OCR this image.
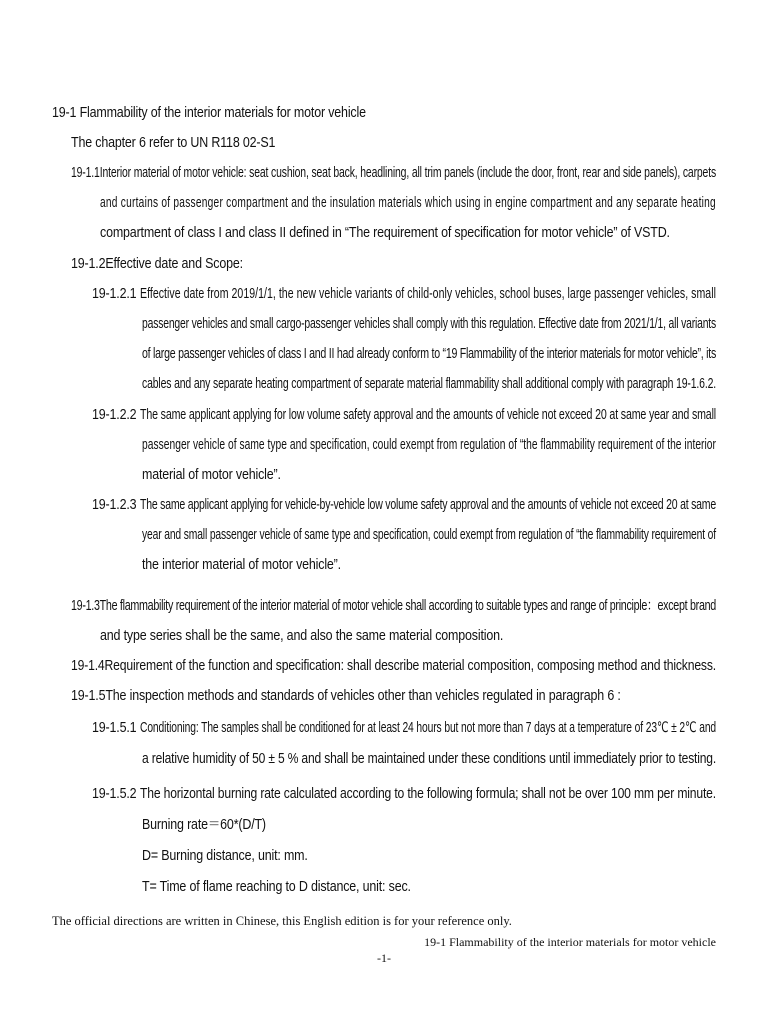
19-1 Flammability of the interior materials for motor vehicle
The chapter 6 refer to UN R118 02-S1
19-1.1Interior material of motor vehicle: seat cushion, seat back, headlining, all trim panels (include the door, front, rear and side panels), carpets
and curtains of passenger compartment and the insulation materials which using in engine compartment and any separate heating
compartment of class I and class II defined in “The requirement of specification for motor vehicle” of VSTD.
19-1.2Effective date and Scope:
19-1.2.1 Effective date from 2019/1/1, the new vehicle variants of child-only vehicles, school buses, large passenger vehicles, small
passenger vehicles and small cargo-passenger vehicles shall comply with this regulation. Effective date from 2021/1/1, all variants
of large passenger vehicles of class I and II had already conform to “19 Flammability of the interior materials for motor vehicle”, its
cables and any separate heating compartment of separate material flammability shall additional comply with paragraph 19-1.6.2.
19-1.2.2 The same applicant applying for low volume safety approval and the amounts of vehicle not exceed 20 at same year and small
passenger vehicle of same type and specification, could exempt from regulation of “the flammability requirement of the interior
material of motor vehicle”.
19-1.2.3 The same applicant applying for vehicle-by-vehicle low volume safety approval and the amounts of vehicle not exceed 20 at same
year and small passenger vehicle of same type and specification, could exempt from regulation of “the flammability requirement of
the interior material of motor vehicle”.
19-1.3The flammability requirement of the interior material of motor vehicle shall according to suitable types and range of principle：except brand
and type series shall be the same, and also the same material composition.
19-1.4Requirement of the function and specification: shall describe material composition, composing method and thickness.
19-1.5The inspection methods and standards of vehicles other than vehicles regulated in paragraph 6 :
19-1.5.1 Conditioning: The samples shall be conditioned for at least 24 hours but not more than 7 days at a temperature of 23℃ ± 2℃ and
a relative humidity of 50 ± 5 % and shall be maintained under these conditions until immediately prior to testing.
19-1.5.2 The horizontal burning rate calculated according to the following formula; shall not be over 100 mm per minute.
Burning rate＝60*(D/T)
D= Burning distance, unit: mm.
T= Time of flame reaching to D distance, unit: sec.
The official directions are written in Chinese, this English edition is for your reference only.
19-1 Flammability of the interior materials for motor vehicle
-1-
